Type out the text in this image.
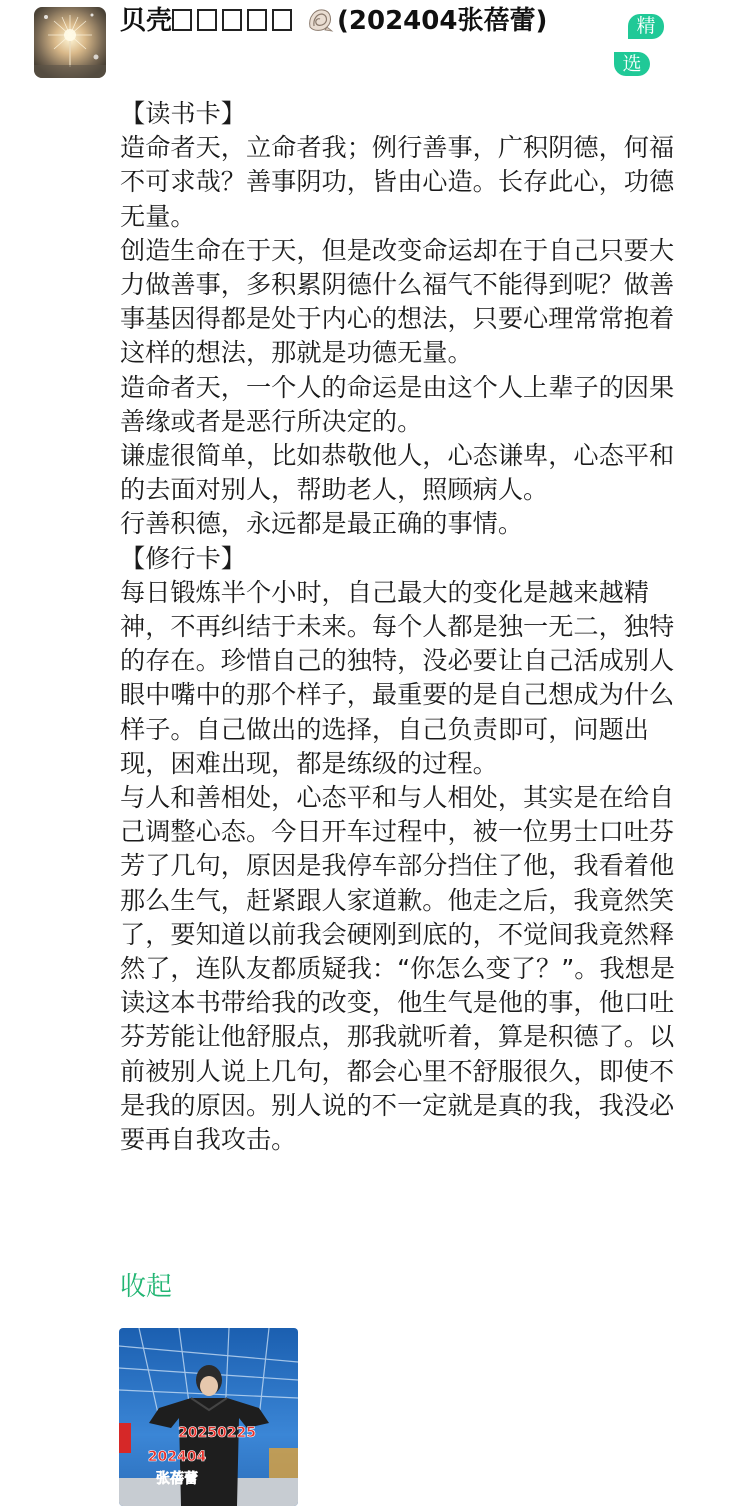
贝壳	(202404张蓓蕾)	精
选

【读书卡】

造命者天，立命者我；例行善事，广积阴德，何福不可求哉？善事阴功，皆由心造。长存此心，功德无量。

创造生命在于天，但是改变命运却在于自己只要大力做善事，多积累阴德什么福气不能得到呢？做善事基因得都是处于内心的想法，只要心理常常抱着这样的想法，那就是功德无量。

造命者天，一个人的命运是由这个人上辈子的因果善缘或者是恶行所决定的。

谦虚很简单，比如恭敬他人，心态谦卑，心态平和的去面对别人，帮助老人，照顾病人。

行善积德，永远都是最正确的事情。

【修行卡】

每日锻炼半个小时，自己最大的变化是越来越精神，不再纠结于未来。每个人都是独一无二，独特的存在。珍惜自己的独特，没必要让自己活成别人眼中嘴中的那个样子，最重要的是自己想成为什么样子。自己做出的选择，自己负责即可，问题出现，困难出现，都是练级的过程。

与人和善相处，心态平和与人相处，其实是在给自己调整心态。今日开车过程中，被一位男士口吐芬芳了几句，原因是我停车部分挡住了他，我看着他那么生气，赶紧跟人家道歉。他走之后，我竟然笑了，要知道以前我会硬刚到底的，不觉间我竟然释然了，连队友都质疑我：“你怎么变了？”。我想是读这本书带给我的改变，他生气是他的事，他口吐芬芳能让他舒服点，那我就听着，算是积德了。以前被别人说上几句，都会心里不舒服很久，即使不是我的原因。别人说的不一定就是真的我，我没必要再自我攻击。

收起
20250225
202404
张蓓蕾
